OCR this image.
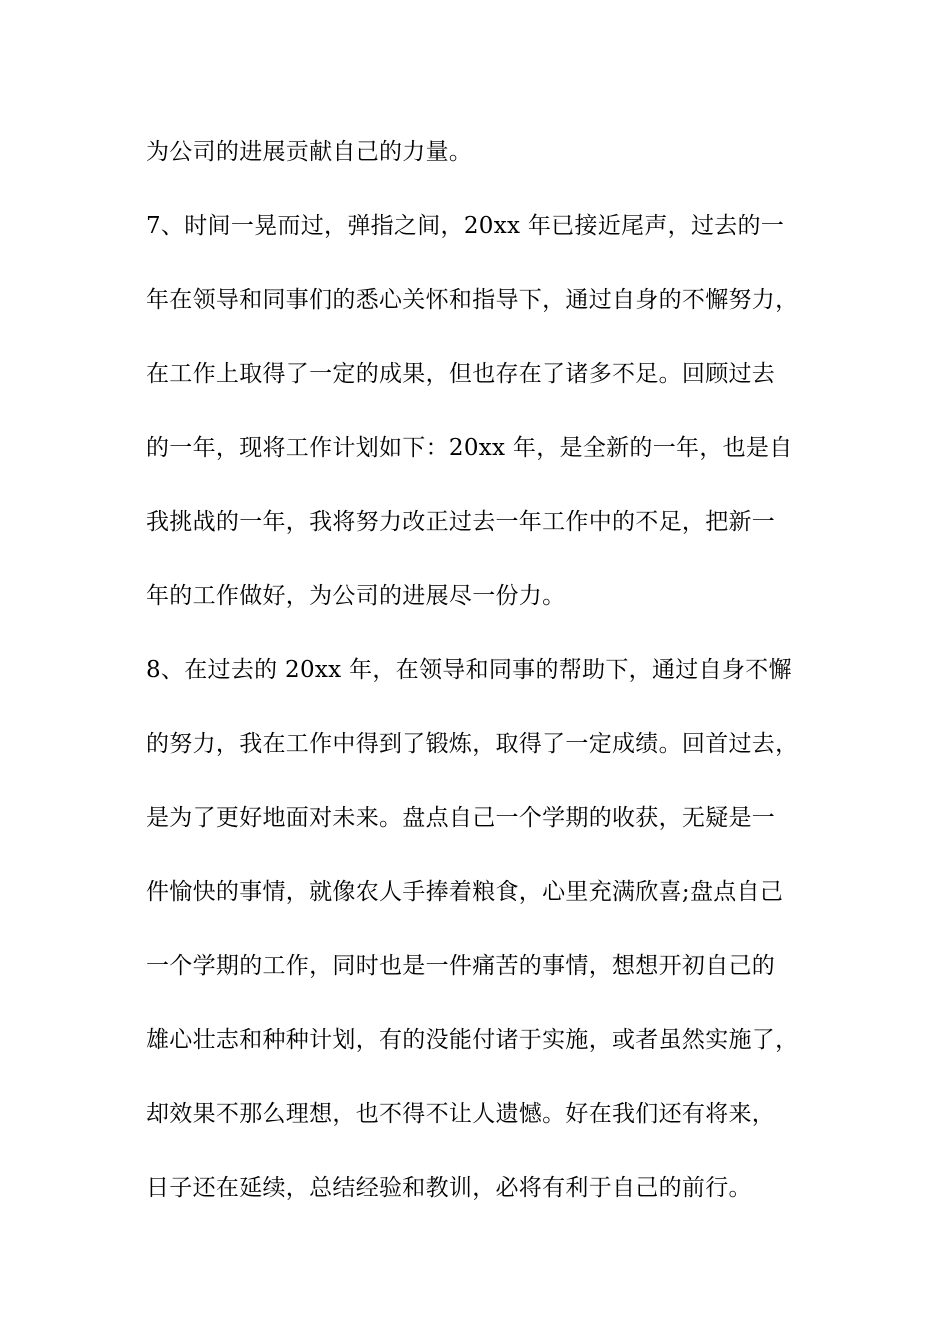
为公司的进展贡献自己的力量。
7、时间一晃而过，弹指之间，20xx 年已接近尾声，过去的一
年在领导和同事们的悉心关怀和指导下，通过自身的不懈努力，
在工作上取得了一定的成果，但也存在了诸多不足。回顾过去
的一年，现将工作计划如下：20xx 年，是全新的一年，也是自
我挑战的一年，我将努力改正过去一年工作中的不足，把新一
年的工作做好，为公司的进展尽一份力。
8、在过去的 20xx 年，在领导和同事的帮助下，通过自身不懈
的努力，我在工作中得到了锻炼，取得了一定成绩。回首过去，
是为了更好地面对未来。盘点自己一个学期的收获，无疑是一
件愉快的事情，就像农人手捧着粮食，心里充满欣喜;盘点自己
一个学期的工作，同时也是一件痛苦的事情，想想开初自己的
雄心壮志和种种计划，有的没能付诸于实施，或者虽然实施了，
却效果不那么理想，也不得不让人遗憾。好在我们还有将来，
日子还在延续，总结经验和教训，必将有利于自己的前行。
